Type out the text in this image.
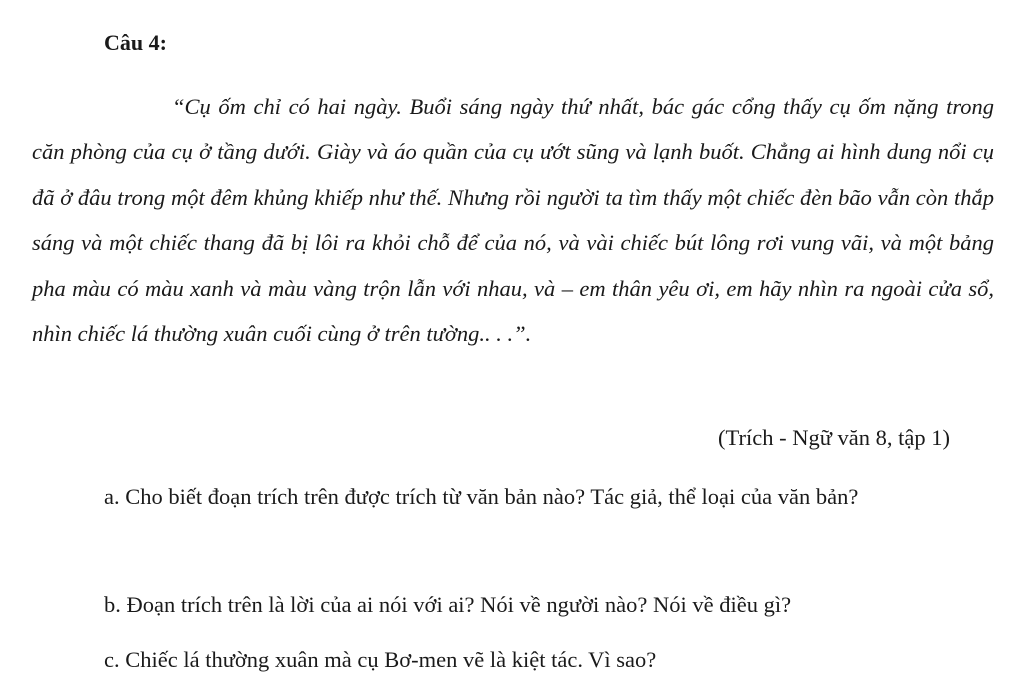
Câu 4:

“Cụ ốm chỉ có hai ngày. Buổi sáng ngày thứ nhất, bác gác cổng thấy cụ ốm nặng trong căn phòng của cụ ở tầng dưới. Giày và áo quần của cụ ướt sũng và lạnh buốt. Chẳng ai hình dung nổi cụ đã ở đâu trong một đêm khủng khiếp như thế. Nhưng rồi người ta tìm thấy một chiếc đèn bão vẫn còn thắp sáng và một chiếc thang đã bị lôi ra khỏi chỗ để của nó, và vài chiếc bút lông rơi vung vãi, và một bảng pha màu có màu xanh và màu vàng trộn lẫn với nhau, và – em thân yêu ơi, em hãy nhìn ra ngoài cửa sổ, nhìn chiếc lá thường xuân cuối cùng ở trên tường.. . .”.

(Trích - Ngữ văn 8, tập 1)

a. Cho biết đoạn trích trên được trích từ văn bản nào? Tác giả, thể loại của văn bản?

b. Đoạn trích trên là lời của ai nói với ai? Nói về người nào? Nói về điều gì?

c. Chiếc lá thường xuân mà cụ Bơ-men vẽ là kiệt tác. Vì sao?
